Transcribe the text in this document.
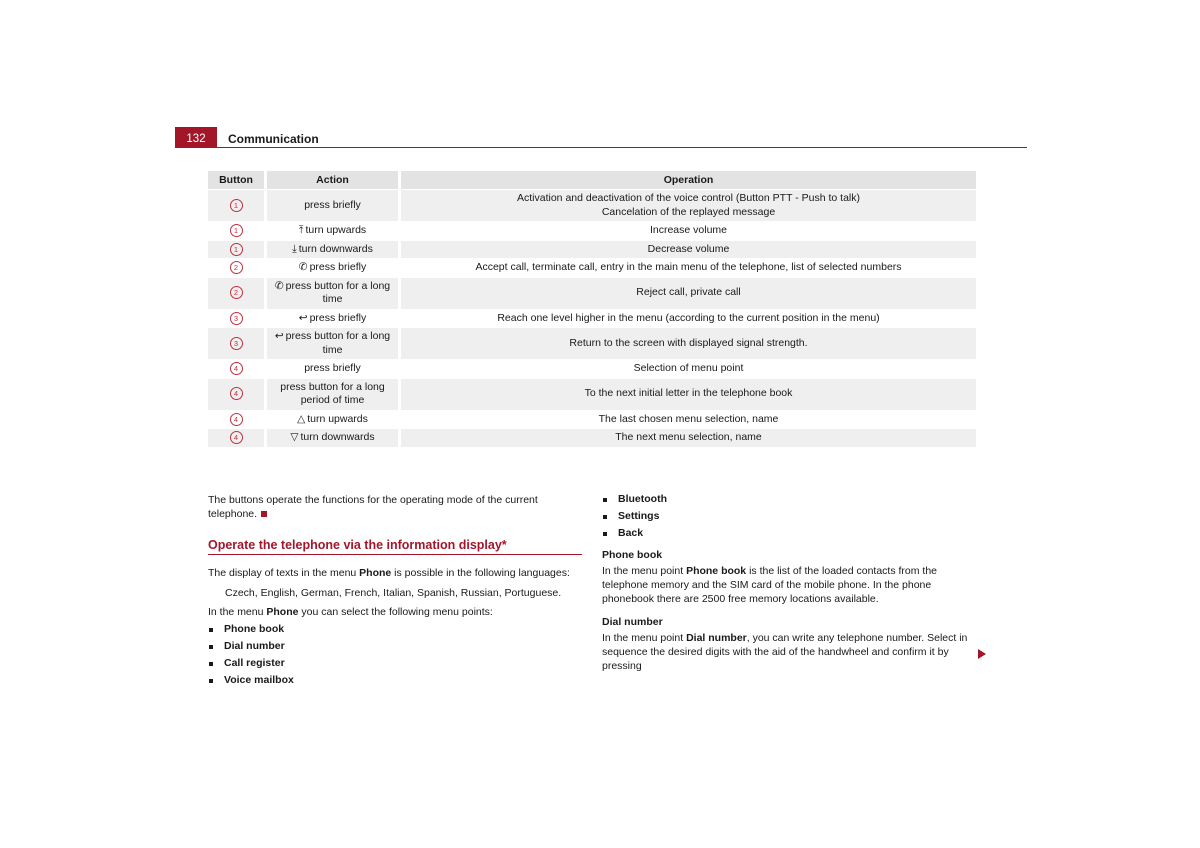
132	Communication
Button	Action	Operation
1	press briefly	Activation and deactivation of the voice control (Button PTT - Push to talk)
Cancelation of the replayed message

1	⤒ turn upwards	Increase volume

1	⤓ turn downwards	Decrease volume

2	✆ press briefly	Accept call, terminate call, entry in the main menu of the telephone, list of selected numbers

2	✆ press button for a long time	Reject call, private call

3	↩ press briefly	Reach one level higher in the menu (according to the current position in the menu)

3	↩ press button for a long time	Return to the screen with displayed signal strength.

4	press briefly	Selection of menu point

4	press button for a long period of time	To the next initial letter in the telephone book

4	△ turn upwards	The last chosen menu selection, name

4	▽ turn downwards	The next menu selection, name

The buttons operate the functions for the operating mode of the current telephone.

Operate the telephone via the information display*

The display of texts in the menu Phone is possible in the following languages:

Czech, English, German, French, Italian, Spanish, Russian, Portuguese.

In the menu Phone you can select the following menu points:

Phone book
Dial number
Call register
Voice mailbox
Bluetooth
Settings
Back

Phone book

In the menu point Phone book is the list of the loaded contacts from the telephone memory and the SIM card of the mobile phone. In the phone phonebook there are 2500 free memory locations available.

Dial number

In the menu point Dial number, you can write any telephone number. Select in sequence the desired digits with the aid of the handwheel and confirm it by pressing
